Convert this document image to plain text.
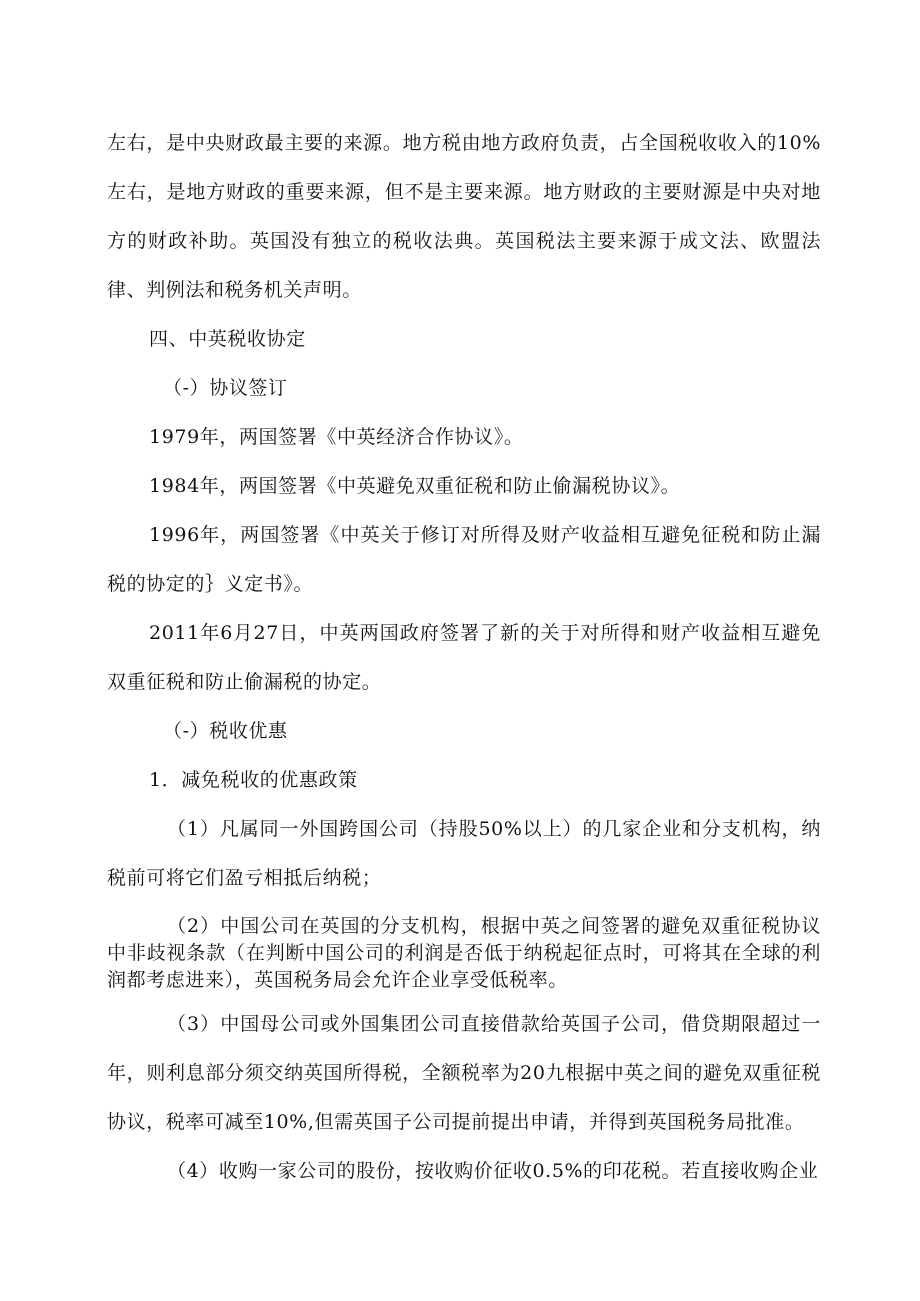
左右，是中央财政最主要的来源。地方税由地方政府负责，占全国税收收入的10%左右，是地方财政的重要来源，但不是主要来源。地方财政的主要财源是中央对地方的财政补助。英国没有独立的税收法典。英国税法主要来源于成文法、欧盟法律、判例法和税务机关声明。

四、中英税收协定

（-）协议签订

1979年，两国签署《中英经济合作协议》。

1984年，两国签署《中英避免双重征税和防止偷漏税协议》。

1996年，两国签署《中英关于修订对所得及财产收益相互避免征税和防止漏税的协定的｝义定书》。

2011年6月27日，中英两国政府签署了新的关于对所得和财产收益相互避免双重征税和防止偷漏税的协定。

（-）税收优惠

1．减免税收的优惠政策

（1）凡属同一外国跨国公司（持股50%以上）的几家企业和分支机构，纳税前可将它们盈亏相抵后纳税；

（2）中国公司在英国的分支机构，根据中英之间签署的避免双重征税协议中非歧视条款（在判断中国公司的利润是否低于纳税起征点时，可将其在全球的利润都考虑进来），英国税务局会允许企业享受低税率。

（3）中国母公司或外国集团公司直接借款给英国子公司，借贷期限超过一年，则利息部分须交纳英国所得税，全额税率为20九根据中英之间的避免双重征税协议，税率可减至10%,但需英国子公司提前提出申请，并得到英国税务局批准。

（4）收购一家公司的股份，按收购价征收0.5%的印花税。若直接收购企业
